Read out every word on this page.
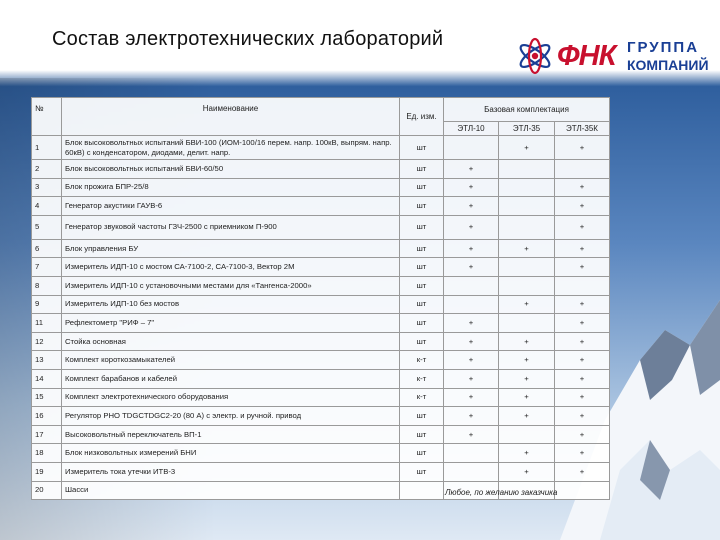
Состав электротехнических лабораторий
ФНК ГРУППА
КОМПАНИЙ
№	Наименование	Ед. изм.	Базовая комплектация		
			ЭТЛ-10	ЭТЛ-35	ЭТЛ-35К
1	Блок высоковольтных испытаний БВИ-100 (ИОМ-100/16 перем. напр. 100кВ, выпрям. напр. 60кВ) с конденсатором, диодами, делит. напр.	шт		+	+
2	Блок высоковольтных испытаний БВИ-60/50	шт	+		
3	Блок прожига БПР-25/8	шт	+		+
4	Генератор акустики ГАУВ-6	шт	+		+
5	Генератор звуковой частоты ГЗЧ-2500 с приемником П-900	шт	+		+
6	Блок управления БУ	шт	+	+	+
7	Измеритель ИДП-10 с мостом СА-7100-2, СА-7100-3, Вектор 2М	шт	+		+
8	Измеритель ИДП-10 с установочными местами для «Тангенса-2000»	шт			
9	Измеритель ИДП-10 без мостов	шт		+	+
11	Рефлектометр "РИФ – 7"	шт	+		+
12	Стойка основная	шт	+	+	+
13	Комплект короткозамыкателей	к-т	+	+	+
14	Комплект барабанов и кабелей	к-т	+	+	+
15	Комплект электротехнического оборудования	к-т	+	+	+
16	Регулятор РНО TDGCTDGC2-20 (80 А) с электр. и ручной. привод	шт	+	+	+
17	Высоковольтный переключатель ВП-1	шт	+		+
18	Блок низковольтных измерений БНИ	шт		+	+
19	Измеритель тока утечки ИТВ-3	шт		+	+
20	Шасси					Любое, по желанию заказчика
